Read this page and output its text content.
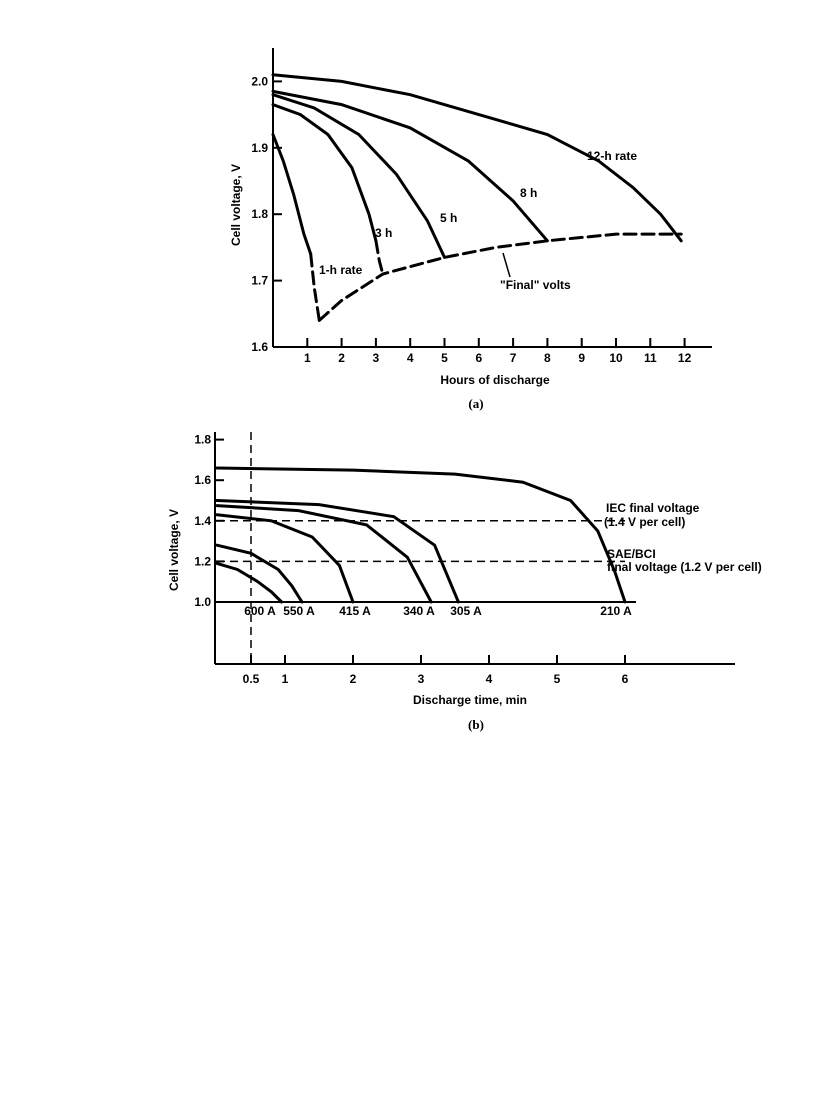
1.6
1.7
1.8
1.9
2.0
1 2 3 4 5 6 7 8 9 10 11 12
12-h rate
8 h
5 h
3 h
1-h rate
"Final" volts
Hours of discharge
Cell voltage, V
(a)
1.0
1.2
1.4
1.6
1.8
0.5 1	2	3	4	5	6
600 A 550 A 415 A	340 A 305 A	210 A
IEC final voltage
(1.4 V per cell)
SAE/BCI
final voltage (1.2 V per cell)
Discharge time, min
Cell voltage, V
(b)
